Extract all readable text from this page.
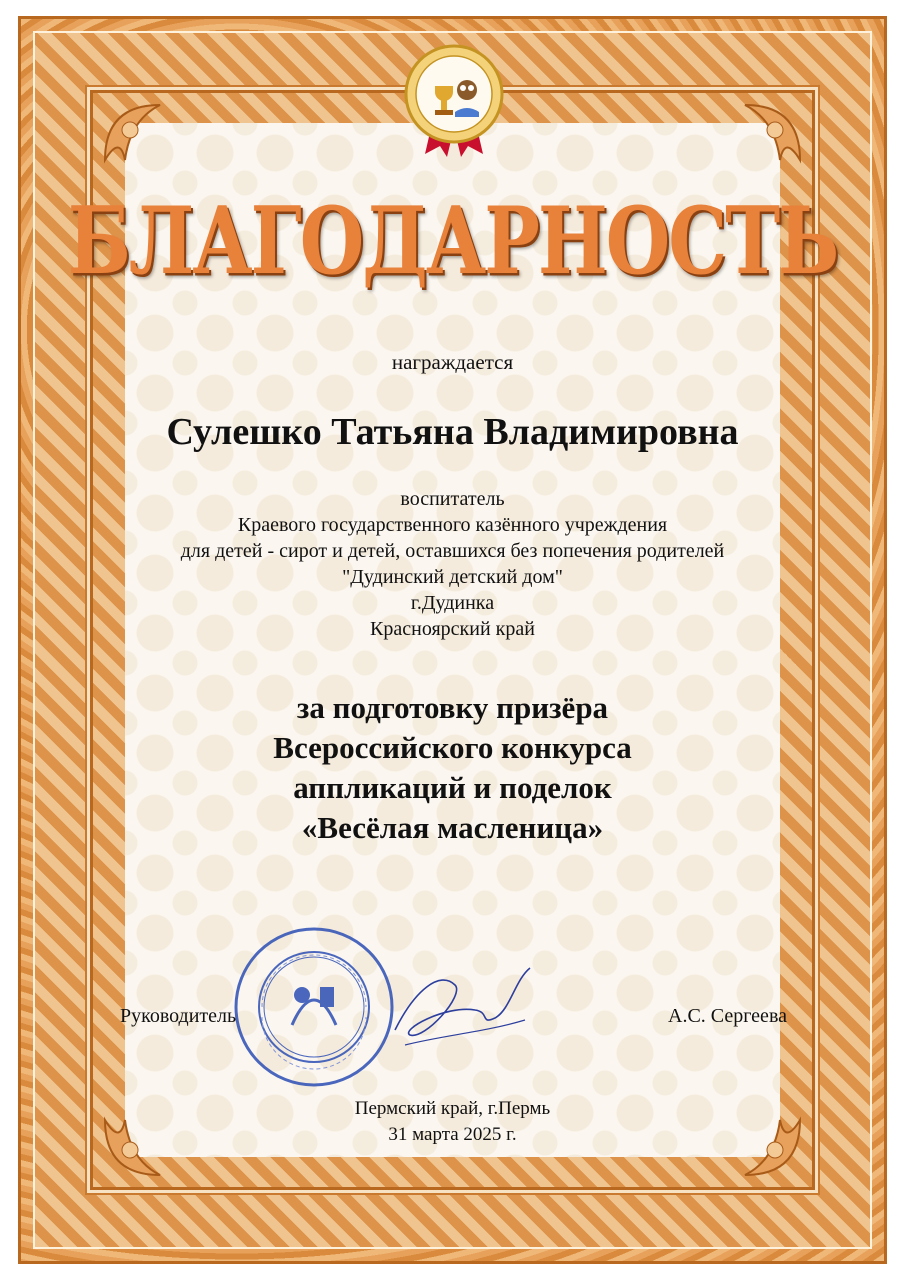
БЛАГОДАРНОСТЬ
награждается
Сулешко Татьяна Владимировна
воспитатель
Краевого государственного казённого учреждения
для детей - сирот и детей, оставшихся без попечения родителей
"Дудинский детский дом"
г.Дудинка
Красноярский край
за подготовку призёра
Всероссийского конкурса
аппликаций и поделок
«Весёлая масленица»
Руководитель	А.С. Сергеева
Пермский край, г.Пермь
31 марта 2025 г.
